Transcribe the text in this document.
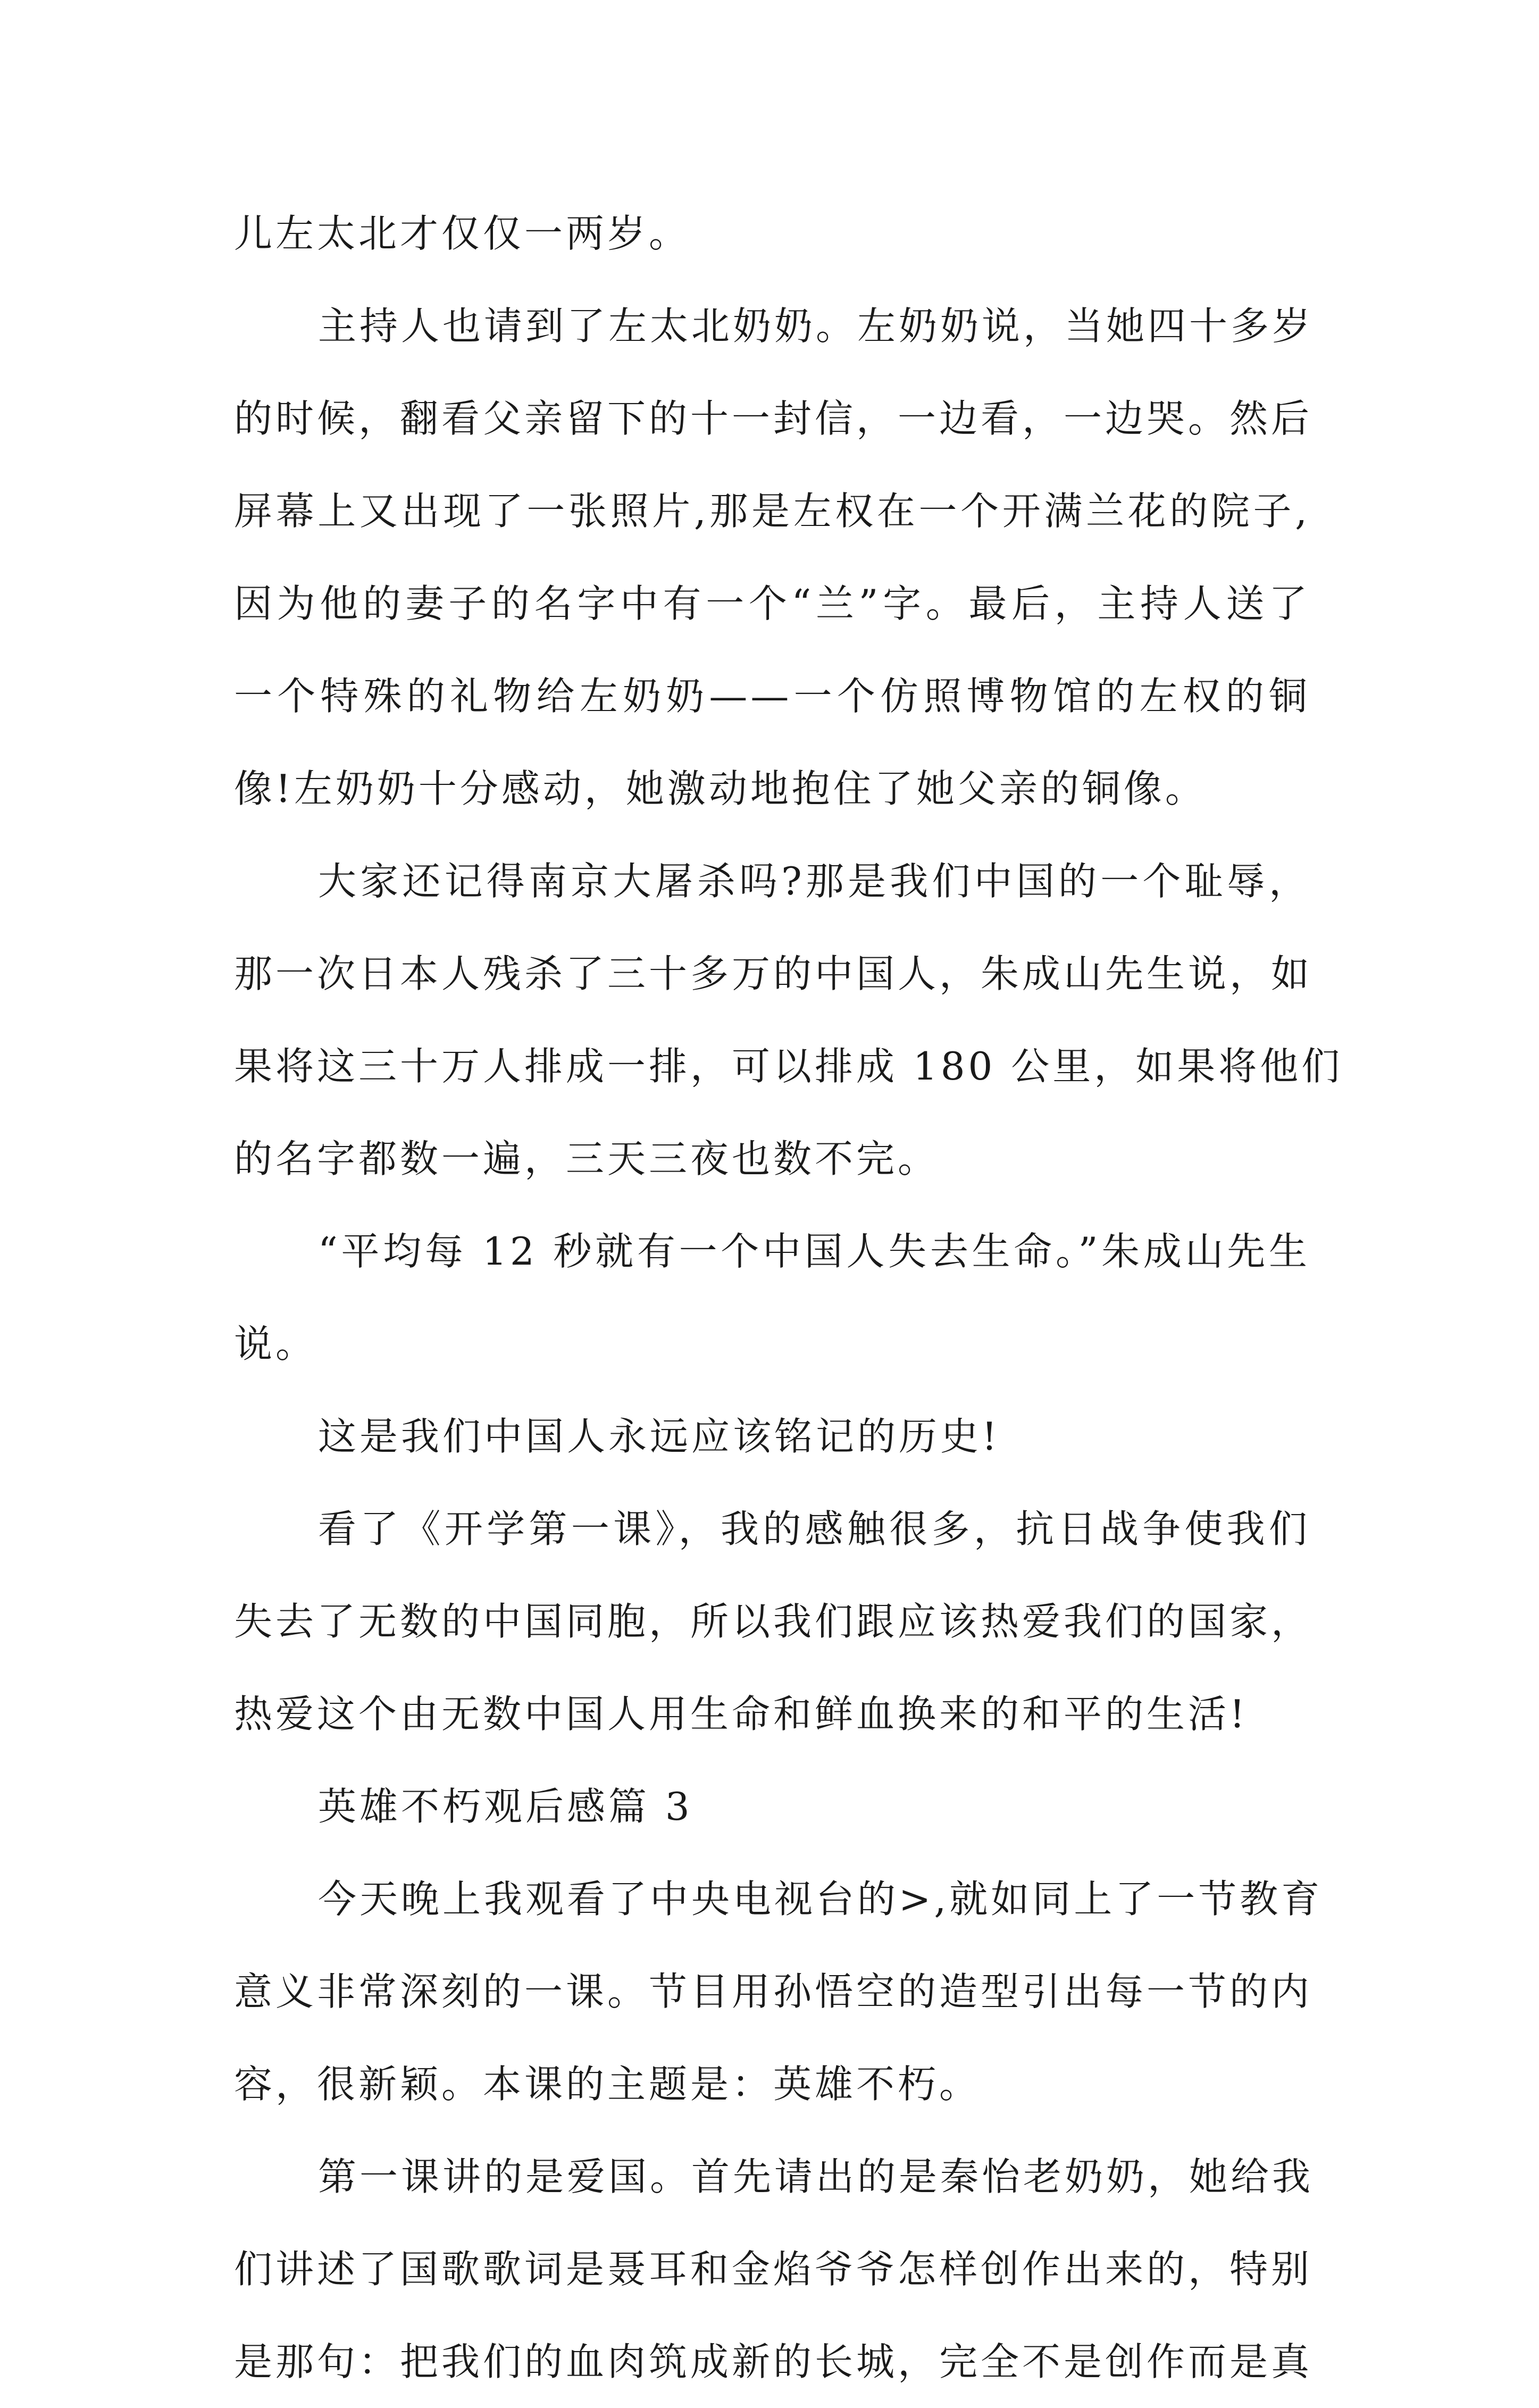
儿左太北才仅仅一两岁。
主持人也请到了左太北奶奶。左奶奶说，当她四十多岁
的时候，翻看父亲留下的十一封信，一边看，一边哭。然后
屏幕上又出现了一张照片,那是左权在一个开满兰花的院子,
因为他的妻子的名字中有一个“兰”字。最后，主持人送了
一个特殊的礼物给左奶奶——一个仿照博物馆的左权的铜
像!左奶奶十分感动，她激动地抱住了她父亲的铜像。
大家还记得南京大屠杀吗?那是我们中国的一个耻辱，
那一次日本人残杀了三十多万的中国人，朱成山先生说，如
果将这三十万人排成一排，可以排成 180 公里，如果将他们
的名字都数一遍，三天三夜也数不完。
“平均每 12 秒就有一个中国人失去生命。”朱成山先生
说。
这是我们中国人永远应该铭记的历史!
看了《开学第一课》，我的感触很多，抗日战争使我们
失去了无数的中国同胞，所以我们跟应该热爱我们的国家，
热爱这个由无数中国人用生命和鲜血换来的和平的生活!
英雄不朽观后感篇 3
今天晚上我观看了中央电视台的>,就如同上了一节教育
意义非常深刻的一课。节目用孙悟空的造型引出每一节的内
容，很新颖。本课的主题是：英雄不朽。
第一课讲的是爱国。首先请出的是秦怡老奶奶，她给我
们讲述了国歌歌词是聂耳和金焰爷爷怎样创作出来的，特别
是那句：把我们的血肉筑成新的长城，完全不是创作而是真
